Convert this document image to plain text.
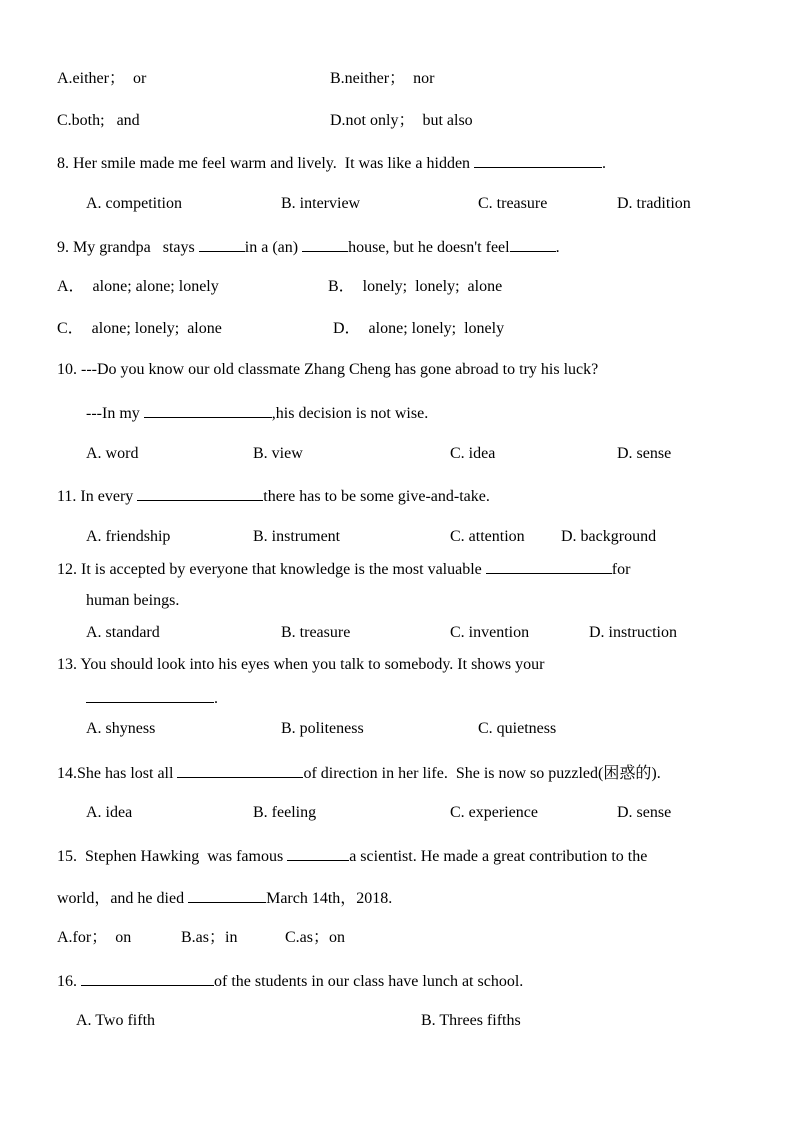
A.either；  or	B.neither；  nor
C.both;   and	D.not only；  but also
8. Her smile made me feel warm and lively.  It was like a hidden	.
A. competition	B. interview	C. treasure	D. tradition
9. My grandpa   stays	in a (an)	house, but he doesn't feel	.
A．  alone; alone; lonely	B．  lonely;  lonely;  alone
C．  alone; lonely;  alone	D．  alone; lonely;  lonely
10. ---Do you know our old classmate Zhang Cheng has gone abroad to try his luck?
---In my	,his decision is not wise.
A. word	B. view	C. idea	D. sense
11. In every	there has to be some give-and-take.
A. friendship	B. instrument	C. attention D. background
12. It is accepted by everyone that knowledge is the most valuable	for
human beings.
A. standard	B. treasure	C. invention	D. instruction
13. You should look into his eyes when you talk to somebody. It shows your
.
A. shyness	B. politeness	C. quietness
14.She has lost all	of direction in her life.  She is now so puzzled(困惑的).
A. idea	B. feeling	C. experience	D. sense
15.  Stephen Hawking  was famous	a scientist. He made a great contribution to the
world，and he died	March 14th，2018.
A.for；  on	B.as；in	C.as；on
16.	of the students in our class have lunch at school.
A. Two fifth	B. Threes fifths
